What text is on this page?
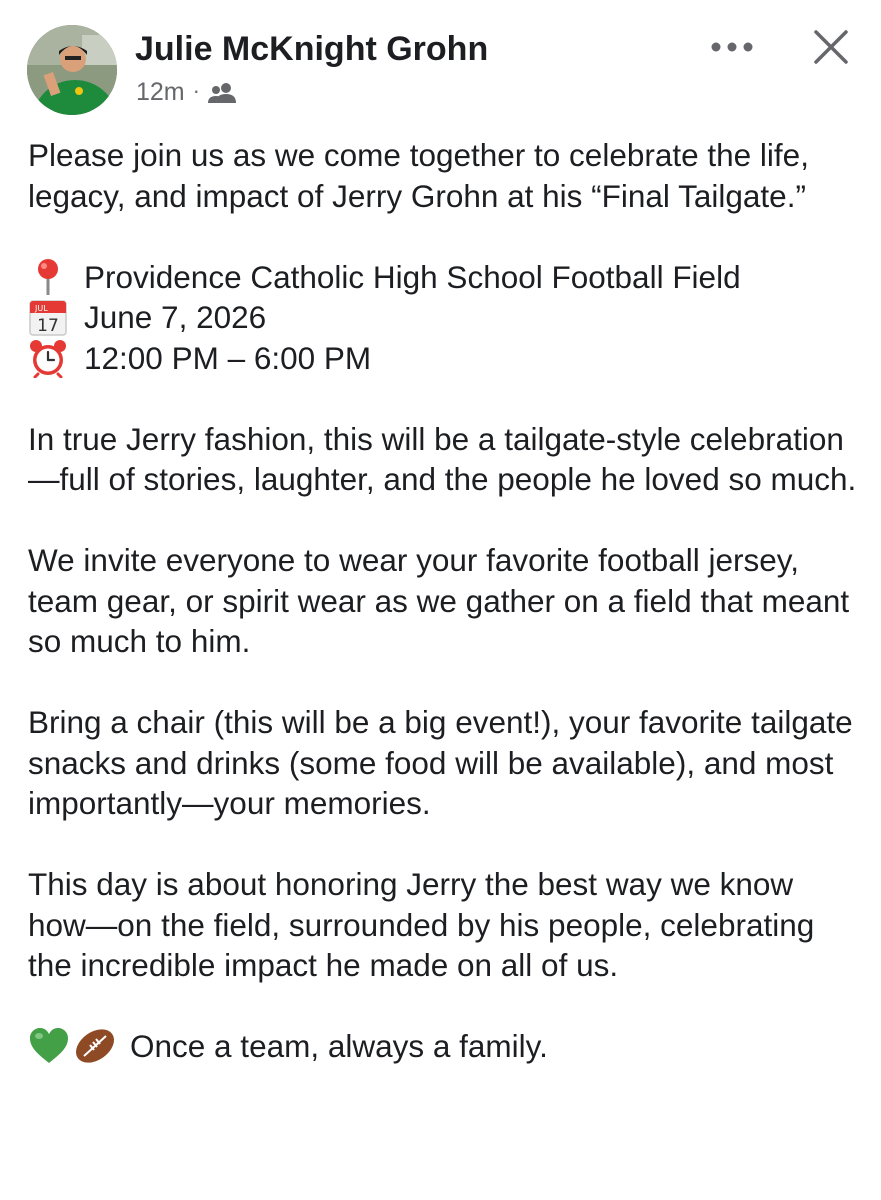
Julie McKnight Grohn
12m ·

Please join us as we come together to celebrate the life, legacy, and impact of Jerry Grohn at his “Final Tailgate.”

Providence Catholic High School Football Field
JUL
17 June 7, 2026
12:00 PM – 6:00 PM

In true Jerry fashion, this will be a tailgate-style celebration—full of stories, laughter, and the people he loved so much.

We invite everyone to wear your favorite football jersey, team gear, or spirit wear as we gather on a field that meant so much to him.

Bring a chair (this will be a big event!), your favorite tailgate snacks and drinks (some food will be available), and most importantly—your memories.

This day is about honoring Jerry the best way we know how—on the field, surrounded by his people, celebrating the incredible impact he made on all of us.

Once a team, always a family.
